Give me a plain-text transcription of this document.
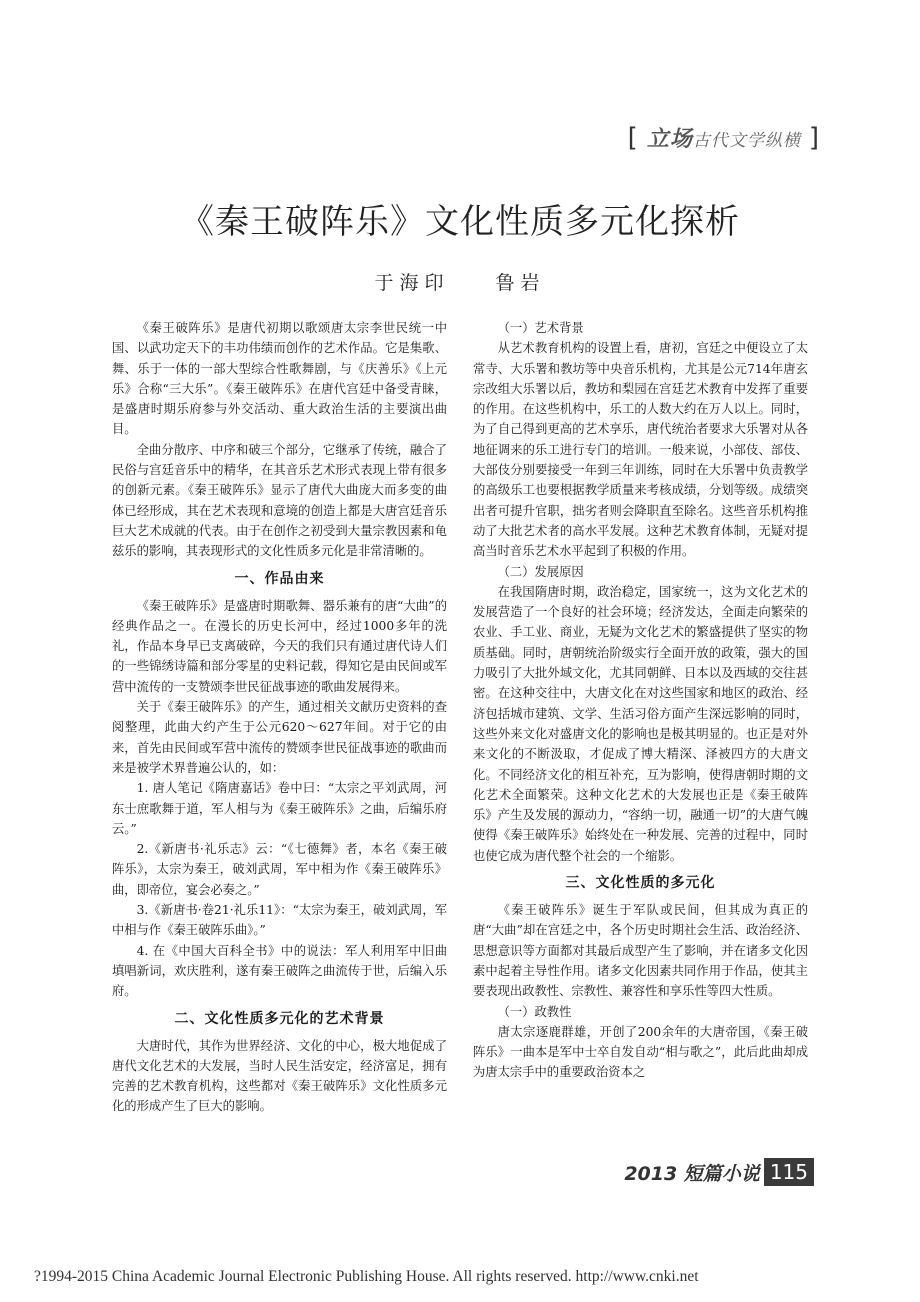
[ 立场古代文学纵横 ]
《秦王破阵乐》文化性质多元化探析
于海印 鲁岩

《秦王破阵乐》是唐代初期以歌颂唐太宗李世民统一中国、以武功定天下的丰功伟绩而创作的艺术作品。它是集歌、舞、乐于一体的一部大型综合性歌舞剧，与《庆善乐》《上元乐》合称“三大乐”。《秦王破阵乐》在唐代宫廷中备受青睐，是盛唐时期乐府参与外交活动、重大政治生活的主要演出曲目。

全曲分散序、中序和破三个部分，它继承了传统，融合了民俗与宫廷音乐中的精华，在其音乐艺术形式表现上带有很多的创新元素。《秦王破阵乐》显示了唐代大曲庞大而多变的曲体已经形成，其在艺术表现和意境的创造上都是大唐宫廷音乐巨大艺术成就的代表。由于在创作之初受到大量宗教因素和龟兹乐的影响，其表现形式的文化性质多元化是非常清晰的。

一、作品由来

《秦王破阵乐》是盛唐时期歌舞、器乐兼有的唐“大曲”的经典作品之一。在漫长的历史长河中，经过1000多年的洗礼，作品本身早已支离破碎，今天的我们只有通过唐代诗人们的一些锦绣诗篇和部分零星的史料记载，得知它是由民间或军营中流传的一支赞颂李世民征战事迹的歌曲发展得来。

关于《秦王破阵乐》的产生，通过相关文献历史资料的查阅整理，此曲大约产生于公元620～627年间。对于它的由来，首先由民间或军营中流传的赞颂李世民征战事迹的歌曲而来是被学术界普遍公认的，如：

1. 唐人笔记《隋唐嘉话》卷中曰：“太宗之平刘武周，河东士庶歌舞于道，军人相与为《秦王破阵乐》之曲，后编乐府云。”

2.《新唐书·礼乐志》云：“《七德舞》者，本名《秦王破阵乐》，太宗为秦王，破刘武周，军中相为作《秦王破阵乐》曲，即帝位，宴会必奏之。”

3.《新唐书·卷21·礼乐11》：“太宗为秦王，破刘武周，军中相与作《秦王破阵乐曲》。”

4. 在《中国大百科全书》中的说法：军人利用军中旧曲填唱新词，欢庆胜利，遂有秦王破阵之曲流传于世，后编入乐府。

二、文化性质多元化的艺术背景

大唐时代，其作为世界经济、文化的中心，极大地促成了唐代文化艺术的大发展，当时人民生活安定，经济富足，拥有完善的艺术教育机构，这些都对《秦王破阵乐》文化性质多元化的形成产生了巨大的影响。

（一）艺术背景

从艺术教育机构的设置上看，唐初，宫廷之中便设立了太常寺、大乐署和教坊等中央音乐机构，尤其是公元714年唐玄宗改组大乐署以后，教坊和梨园在宫廷艺术教育中发挥了重要的作用。在这些机构中，乐工的人数大约在万人以上。同时，为了自己得到更高的艺术享乐，唐代统治者要求大乐署对从各地征调来的乐工进行专门的培训。一般来说，小部伎、部伎、大部伎分别要接受一年到三年训练，同时在大乐署中负责教学的高级乐工也要根据教学质量来考核成绩，分划等级。成绩突出者可提升官职，拙劣者则会降职直至除名。这些音乐机构推动了大批艺术者的高水平发展。这种艺术教育体制，无疑对提高当时音乐艺术水平起到了积极的作用。

（二）发展原因

在我国隋唐时期，政治稳定，国家统一，这为文化艺术的发展营造了一个良好的社会环境；经济发达，全面走向繁荣的农业、手工业、商业，无疑为文化艺术的繁盛提供了坚实的物质基础。同时，唐朝统治阶级实行全面开放的政策，强大的国力吸引了大批外域文化，尤其同朝鲜、日本以及西域的交往甚密。在这种交往中，大唐文化在对这些国家和地区的政治、经济包括城市建筑、文学、生活习俗方面产生深远影响的同时，这些外来文化对盛唐文化的影响也是极其明显的。也正是对外来文化的不断汲取，才促成了博大精深、泽被四方的大唐文化。不同经济文化的相互补充，互为影响，使得唐朝时期的文化艺术全面繁荣。这种文化艺术的大发展也正是《秦王破阵乐》产生及发展的源动力，“容纳一切，融通一切”的大唐气魄使得《秦王破阵乐》始终处在一种发展、完善的过程中，同时也使它成为唐代整个社会的一个缩影。

三、文化性质的多元化

《秦王破阵乐》诞生于军队或民间，但其成为真正的唐“大曲”却在宫廷之中，各个历史时期社会生活、政治经济、思想意识等方面都对其最后成型产生了影响，并在诸多文化因素中起着主导性作用。诸多文化因素共同作用于作品，使其主要表现出政教性、宗教性、兼容性和享乐性等四大性质。

（一）政教性

唐太宗逐鹿群雄，开创了200余年的大唐帝国，《秦王破阵乐》一曲本是军中士卒自发自动“相与歌之”，此后此曲却成为唐太宗手中的重要政治资本之

2013 短篇小说 115
?1994-2015 China Academic Journal Electronic Publishing House. All rights reserved. http://www.cnki.net
